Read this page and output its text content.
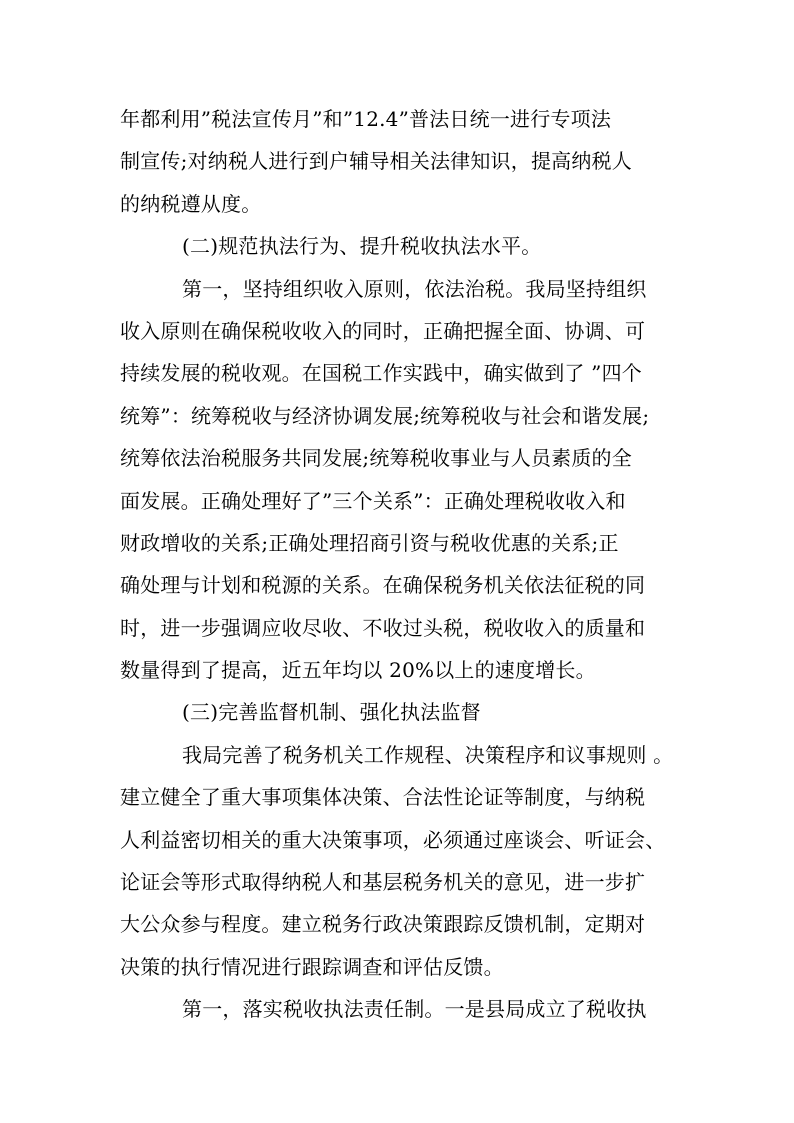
年都利用”税法宣传月”和”12.4”普法日统一进行专项法
制宣传;对纳税人进行到户辅导相关法律知识，提高纳税人
的纳税遵从度。
(二)规范执法行为、提升税收执法水平。
第一，坚持组织收入原则，依法治税。我局坚持组织
收入原则在确保税收收入的同时，正确把握全面、协调、可
持续发展的税收观。在国税工作实践中，确实做到了 ”四个
统筹”：统筹税收与经济协调发展;统筹税收与社会和谐发展;
统筹依法治税服务共同发展;统筹税收事业与人员素质的全
面发展。正确处理好了”三个关系”：正确处理税收收入和
财政增收的关系;正确处理招商引资与税收优惠的关系;正
确处理与计划和税源的关系。在确保税务机关依法征税的同
时，进一步强调应收尽收、不收过头税，税收收入的质量和
数量得到了提高，近五年均以 20%以上的速度增长。
(三)完善监督机制、强化执法监督
我局完善了税务机关工作规程、决策程序和议事规则 。
建立健全了重大事项集体决策、合法性论证等制度，与纳税
人利益密切相关的重大决策事项，必须通过座谈会、听证会、
论证会等形式取得纳税人和基层税务机关的意见，进一步扩
大公众参与程度。建立税务行政决策跟踪反馈机制，定期对
决策的执行情况进行跟踪调查和评估反馈。
第一，落实税收执法责任制。一是县局成立了税收执
